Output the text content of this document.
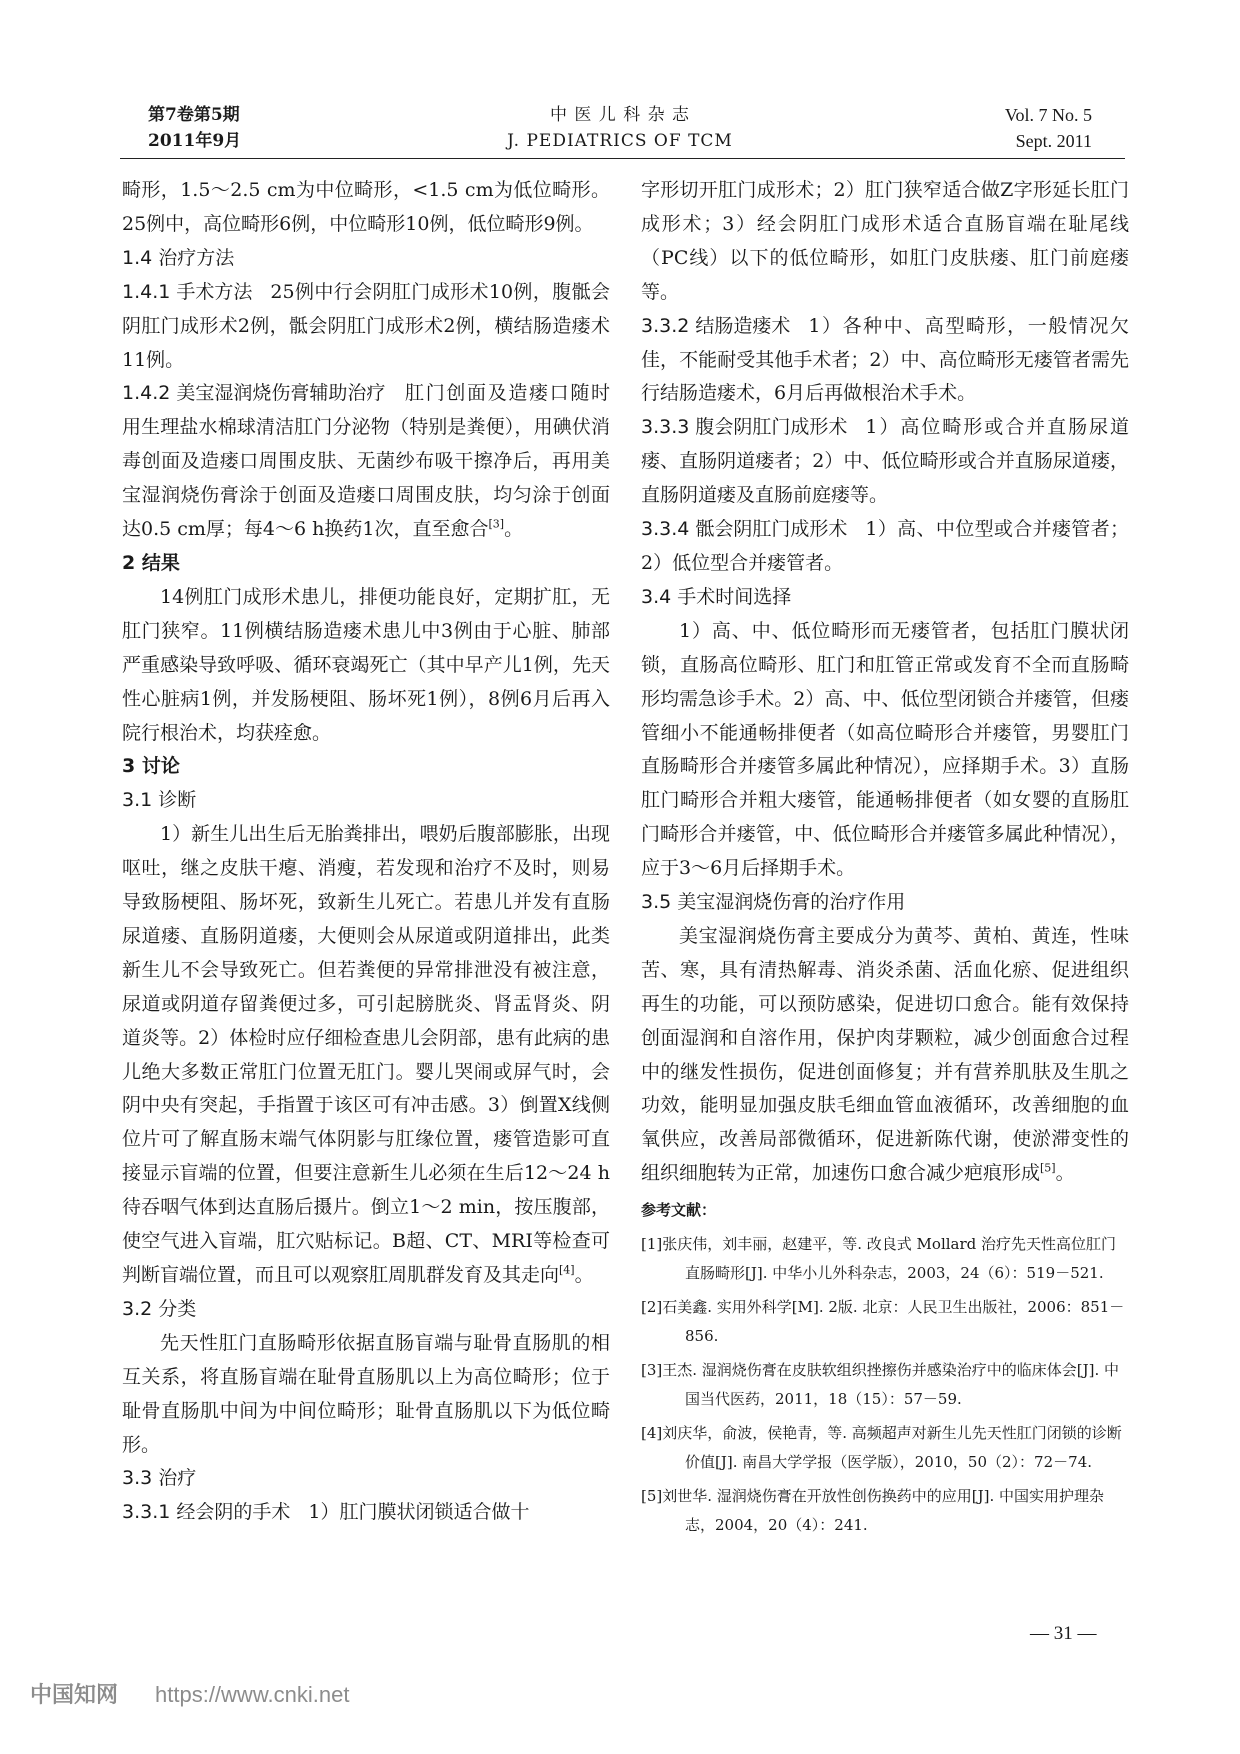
第7卷第5期
2011年9月
中 医 儿 科 杂 志
J. PEDIATRICS OF TCM
Vol. 7 No. 5
Sept. 2011

畸形，1.5～2.5 cm为中位畸形，<1.5 cm为低位畸形。25例中，高位畸形6例，中位畸形10例，低位畸形9例。

1.4 治疗方法

1.4.1 手术方法 25例中行会阴肛门成形术10例，腹骶会阴肛门成形术2例，骶会阴肛门成形术2例，横结肠造瘘术11例。

1.4.2 美宝湿润烧伤膏辅助治疗 肛门创面及造瘘口随时用生理盐水棉球清洁肛门分泌物（特别是粪便），用碘伏消毒创面及造瘘口周围皮肤、无菌纱布吸干擦净后，再用美宝湿润烧伤膏涂于创面及造瘘口周围皮肤，均匀涂于创面达0.5 cm厚；每4～6 h换药1次，直至愈合[3]。

2 结果

14例肛门成形术患儿，排便功能良好，定期扩肛，无肛门狭窄。11例横结肠造瘘术患儿中3例由于心脏、肺部严重感染导致呼吸、循环衰竭死亡（其中早产儿1例，先天性心脏病1例，并发肠梗阻、肠坏死1例），8例6月后再入院行根治术，均获痊愈。

3 讨论

3.1 诊断

1）新生儿出生后无胎粪排出，喂奶后腹部膨胀，出现呕吐，继之皮肤干瘪、消瘦，若发现和治疗不及时，则易导致肠梗阻、肠坏死，致新生儿死亡。若患儿并发有直肠尿道瘘、直肠阴道瘘，大便则会从尿道或阴道排出，此类新生儿不会导致死亡。但若粪便的异常排泄没有被注意，尿道或阴道存留粪便过多，可引起膀胱炎、肾盂肾炎、阴道炎等。2）体检时应仔细检查患儿会阴部，患有此病的患儿绝大多数正常肛门位置无肛门。婴儿哭闹或屏气时，会阴中央有突起，手指置于该区可有冲击感。3）倒置X线侧位片可了解直肠末端气体阴影与肛缘位置，瘘管造影可直接显示盲端的位置，但要注意新生儿必须在生后12～24 h待吞咽气体到达直肠后摄片。倒立1～2 min，按压腹部，使空气进入盲端，肛穴贴标记。B超、CT、MRI等检查可判断盲端位置，而且可以观察肛周肌群发育及其走向[4]。

3.2 分类

先天性肛门直肠畸形依据直肠盲端与耻骨直肠肌的相互关系，将直肠盲端在耻骨直肠肌以上为高位畸形；位于耻骨直肠肌中间为中间位畸形；耻骨直肠肌以下为低位畸形。

3.3 治疗

3.3.1 经会阴的手术 1）肛门膜状闭锁适合做十

字形切开肛门成形术；2）肛门狭窄适合做Z字形延长肛门成形术；3）经会阴肛门成形术适合直肠盲端在耻尾线（PC线）以下的低位畸形，如肛门皮肤瘘、肛门前庭瘘等。

3.3.2 结肠造瘘术 1）各种中、高型畸形，一般情况欠佳，不能耐受其他手术者；2）中、高位畸形无瘘管者需先行结肠造瘘术，6月后再做根治术手术。

3.3.3 腹会阴肛门成形术 1）高位畸形或合并直肠尿道瘘、直肠阴道瘘者；2）中、低位畸形或合并直肠尿道瘘，直肠阴道瘘及直肠前庭瘘等。

3.3.4 骶会阴肛门成形术 1）高、中位型或合并瘘管者；2）低位型合并瘘管者。

3.4 手术时间选择

1）高、中、低位畸形而无瘘管者，包括肛门膜状闭锁，直肠高位畸形、肛门和肛管正常或发育不全而直肠畸形均需急诊手术。2）高、中、低位型闭锁合并瘘管，但瘘管细小不能通畅排便者（如高位畸形合并瘘管，男婴肛门直肠畸形合并瘘管多属此种情况），应择期手术。3）直肠肛门畸形合并粗大瘘管，能通畅排便者（如女婴的直肠肛门畸形合并瘘管，中、低位畸形合并瘘管多属此种情况），应于3～6月后择期手术。

3.5 美宝湿润烧伤膏的治疗作用

美宝湿润烧伤膏主要成分为黄芩、黄柏、黄连，性味苦、寒，具有清热解毒、消炎杀菌、活血化瘀、促进组织再生的功能，可以预防感染，促进切口愈合。能有效保持创面湿润和自溶作用，保护肉芽颗粒，减少创面愈合过程中的继发性损伤，促进创面修复；并有营养肌肤及生肌之功效，能明显加强皮肤毛细血管血液循环，改善细胞的血氧供应，改善局部微循环，促进新陈代谢，使淤滞变性的组织细胞转为正常，加速伤口愈合减少疤痕形成[5]。

参考文献：

[1]张庆伟，刘丰丽，赵建平，等. 改良式 Mollard 治疗先天性高位肛门直肠畸形[J]. 中华小儿外科杂志，2003，24（6）：519－521.

[2]石美鑫. 实用外科学[M]. 2版. 北京：人民卫生出版社，2006：851－856.

[3]王杰. 湿润烧伤膏在皮肤软组织挫擦伤并感染治疗中的临床体会[J]. 中国当代医药，2011，18（15）：57－59.

[4]刘庆华，俞波，侯艳青，等. 高频超声对新生儿先天性肛门闭锁的诊断价值[J]. 南昌大学学报（医学版），2010，50（2）：72－74.

[5]刘世华. 湿润烧伤膏在开放性创伤换药中的应用[J]. 中国实用护理杂志，2004，20（4）：241.

— 31 —
中国知网 https://www.cnki.net
